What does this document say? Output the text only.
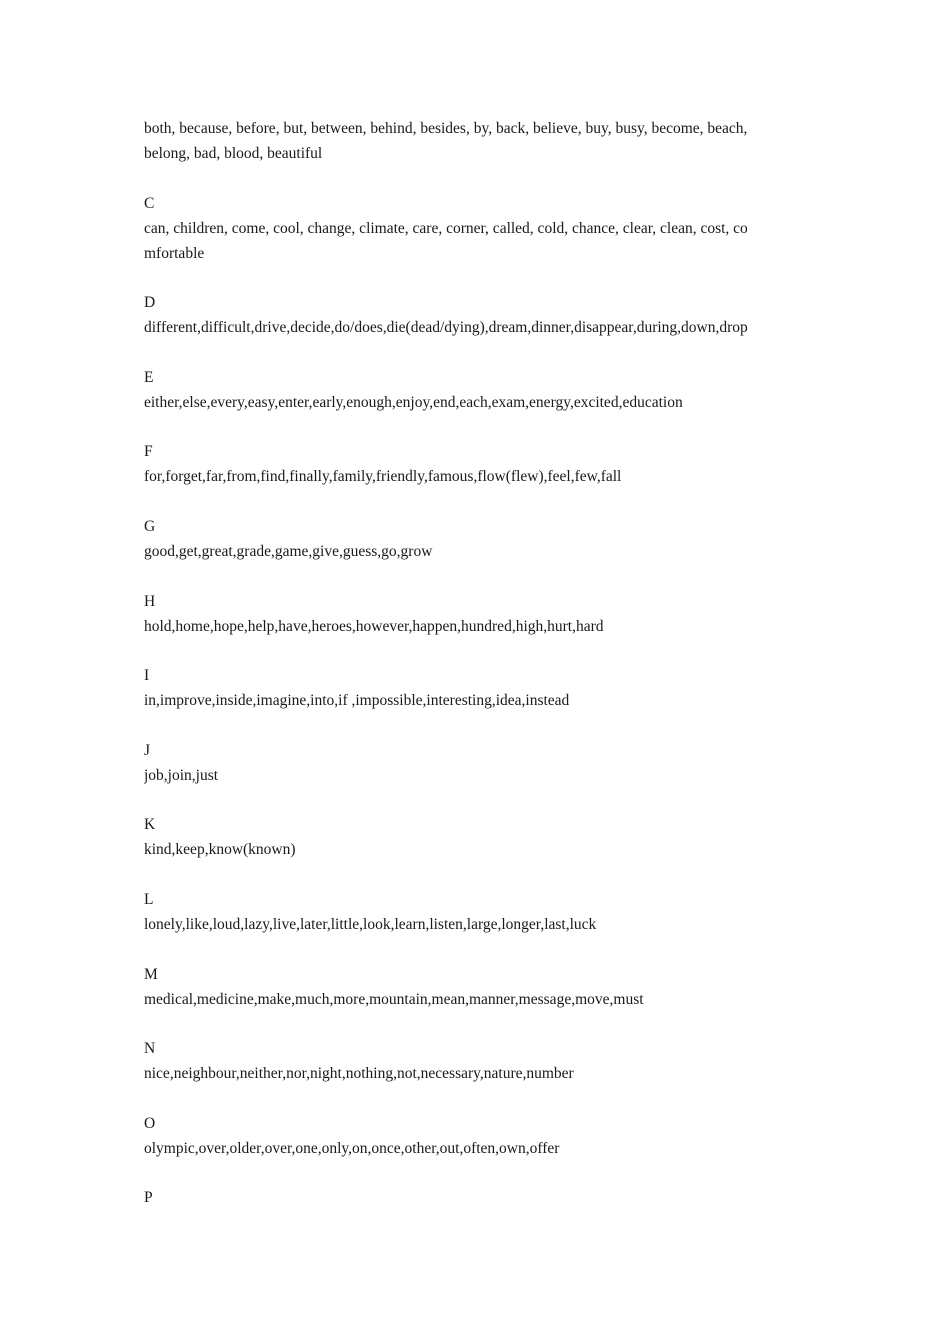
both, because, before, but, between, behind, besides, by, back, believe, buy, busy, become, beach,
belong, bad, blood, beautiful
C
can, children, come, cool, change, climate, care, corner, called, cold, chance, clear, clean, cost, co
mfortable
D
different,difficult,drive,decide,do/does,die(dead/dying),dream,dinner,disappear,during,down,drop
E
either,else,every,easy,enter,early,enough,enjoy,end,each,exam,energy,excited,education
F
for,forget,far,from,find,finally,family,friendly,famous,flow(flew),feel,few,fall
G
good,get,great,grade,game,give,guess,go,grow
H
hold,home,hope,help,have,heroes,however,happen,hundred,high,hurt,hard
I
in,improve,inside,imagine,into,if ,impossible,interesting,idea,instead
J
job,join,just
K
kind,keep,know(known)
L
lonely,like,loud,lazy,live,later,little,look,learn,listen,large,longer,last,luck
M
medical,medicine,make,much,more,mountain,mean,manner,message,move,must
N
nice,neighbour,neither,nor,night,nothing,not,necessary,nature,number
O
olympic,over,older,over,one,only,on,once,other,out,often,own,offer
P
